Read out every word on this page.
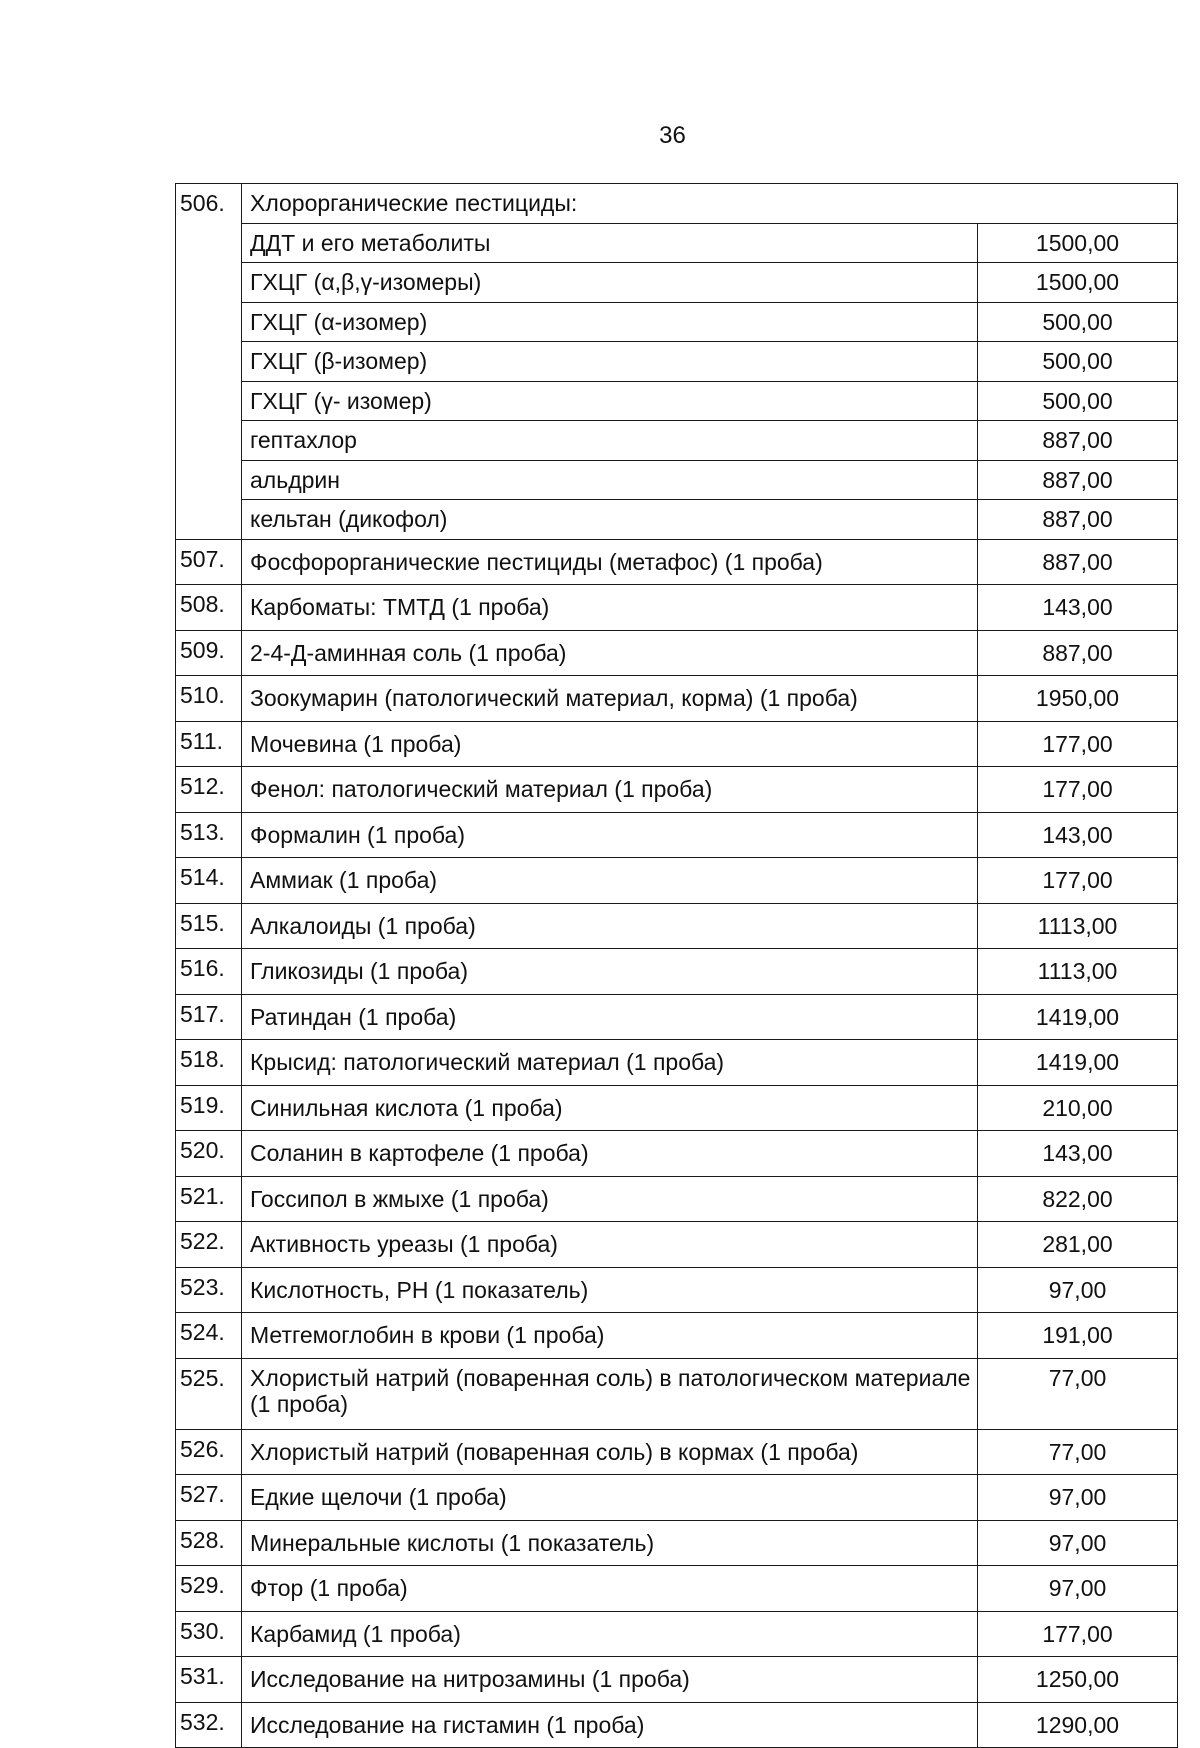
36
506.	Хлорорганические пестициды:	
	ДДТ и его метаболиты	1500,00
	ГХЦГ (α,β,γ-изомеры)	1500,00
	ГХЦГ (α-изомер)	500,00
	ГХЦГ (β-изомер)	500,00
	ГХЦГ (γ- изомер)	500,00
	гептахлор	887,00
	альдрин	887,00
	кельтан (дикофол)	887,00
507.	Фосфорорганические пестициды (метафос) (1 проба)	887,00
508.	Карбоматы: ТМТД (1 проба)	143,00
509.	2-4-Д-аминная соль (1 проба)	887,00
510.	Зоокумарин (патологический материал, корма) (1 проба)	1950,00
511.	Мочевина (1 проба)	177,00
512.	Фенол: патологический материал (1 проба)	177,00
513.	Формалин (1 проба)	143,00
514.	Аммиак (1 проба)	177,00
515.	Алкалоиды (1 проба)	1113,00
516.	Гликозиды (1 проба)	1113,00
517.	Ратиндан (1 проба)	1419,00
518.	Крысид: патологический материал (1 проба)	1419,00
519.	Синильная кислота (1 проба)	210,00
520.	Соланин в картофеле (1 проба)	143,00
521.	Госсипол в жмыхе (1 проба)	822,00
522.	Активность уреазы (1 проба)	281,00
523.	Кислотность, РН (1 показатель)	97,00
524.	Метгемоглобин в крови (1 проба)	191,00
525.	Хлористый натрий (поваренная соль) в патологическом материале (1 проба)	77,00
526.	Хлористый натрий (поваренная соль) в кормах (1 проба)	77,00
527.	Едкие щелочи (1 проба)	97,00
528.	Минеральные кислоты (1 показатель)	97,00
529.	Фтор (1 проба)	97,00
530.	Карбамид (1 проба)	177,00
531.	Исследование на нитрозамины (1 проба)	1250,00
532.	Исследование на гистамин (1 проба)	1290,00
